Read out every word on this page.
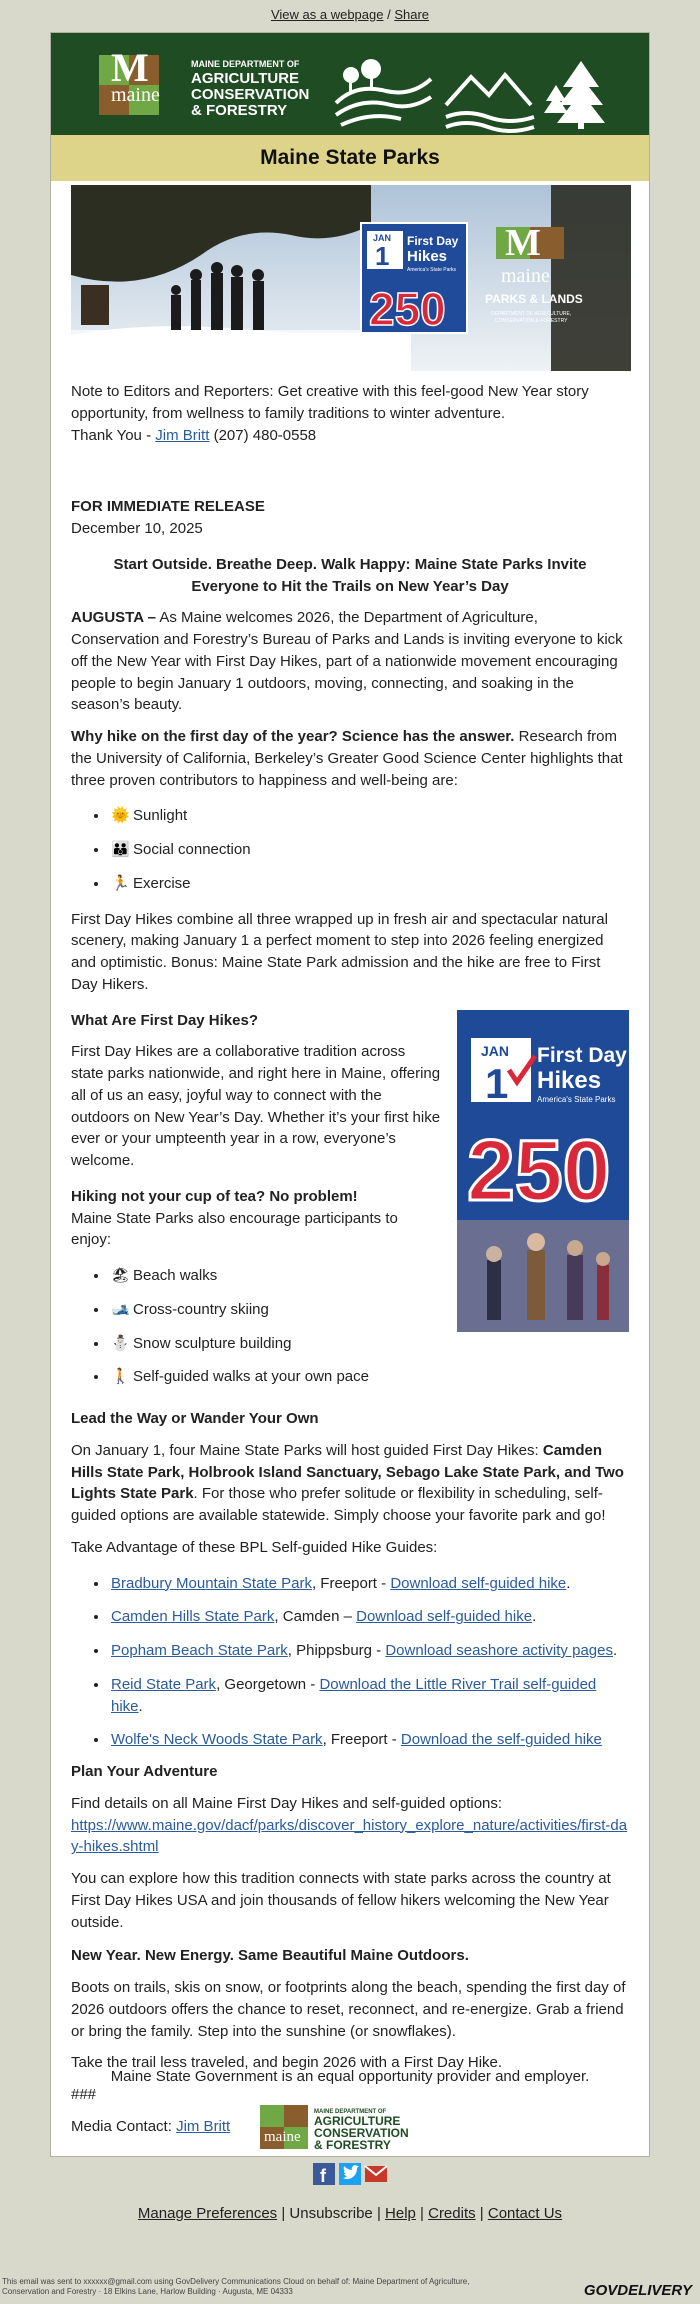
View as a webpage / Share
M
maine
MAINE DEPARTMENT OF
AGRICULTURE
CONSERVATION
& FORESTRY
Maine State Parks
JAN
1 First Day
Hikes
America's State Parks
250
M
maine
PARKS & LANDS
DEPARTMENT OF AGRICULTURE,
CONSERVATION & FORESTRY

Note to Editors and Reporters: Get creative with this feel-good New Year story opportunity, from wellness to family traditions to winter adventure.

Thank You - Jim Britt (207) 480-0558

FOR IMMEDIATE RELEASE

December 10, 2025

Start Outside. Breathe Deep. Walk Happy: Maine State Parks Invite Everyone to Hit the Trails on New Year’s Day

AUGUSTA – As Maine welcomes 2026, the Department of Agriculture, Conservation and Forestry’s Bureau of Parks and Lands is inviting everyone to kick off the New Year with First Day Hikes, part of a nationwide movement encouraging people to begin January 1 outdoors, moving, connecting, and soaking in the season’s beauty.

Why hike on the first day of the year? Science has the answer. Research from the University of California, Berkeley’s Greater Good Science Center highlights that three proven contributors to happiness and well-being are:

• 🌞 Sunlight
• 👪 Social connection
• 🏃 Exercise

First Day Hikes combine all three wrapped up in fresh air and spectacular natural scenery, making January 1 a perfect moment to step into 2026 feeling energized and optimistic. Bonus: Maine State Park admission and the hike are free to First Day Hikers.

JAN
1
First Day
Hikes
America's State Parks
250
What Are First Day Hikes?

First Day Hikes are a collaborative tradition across state parks nationwide, and right here in Maine, offering all of us an easy, joyful way to connect with the outdoors on New Year’s Day. Whether it’s your first hike ever or your umpteenth year in a row, everyone’s welcome.

Hiking not your cup of tea? No problem!

Maine State Parks also encourage participants to enjoy:

• 🏖 Beach walks
• 🎿 Cross-country skiing
• ⛄ Snow sculpture building
• 🚶 Self-guided walks at your own pace
Lead the Way or Wander Your Own

On January 1, four Maine State Parks will host guided First Day Hikes: Camden Hills State Park, Holbrook Island Sanctuary, Sebago Lake State Park, and Two Lights State Park. For those who prefer solitude or flexibility in scheduling, self-guided options are available statewide. Simply choose your favorite park and go!

Take Advantage of these BPL Self-guided Hike Guides:

• Bradbury Mountain State Park, Freeport - Download self-guided hike.
• Camden Hills State Park, Camden – Download self-guided hike.
• Popham Beach State Park, Phippsburg - Download seashore activity pages.
• Reid State Park, Georgetown - Download the Little River Trail self-guided hike.
• Wolfe's Neck Woods State Park, Freeport - Download the self-guided hike
Plan Your Adventure

Find details on all Maine First Day Hikes and self-guided options:

https://www.maine.gov/dacf/parks/discover_history_explore_nature/activities/first-day-hikes.shtml

You can explore how this tradition connects with state parks across the country at First Day Hikes USA and join thousands of fellow hikers welcoming the New Year outside.

New Year. New Energy. Same Beautiful Maine Outdoors.

Boots on trails, skis on snow, or footprints along the beach, spending the first day of 2026 outdoors offers the chance to reset, reconnect, and re-energize. Grab a friend or bring the family. Step into the sunshine (or snowflakes).

Take the trail less traveled, and begin 2026 with a First Day Hike.

###

Media Contact: Jim Britt

Maine State Government is an equal opportunity provider and employer.

maine
MAINE DEPARTMENT OF
AGRICULTURE
CONSERVATION
& FORESTRY
f
Manage Preferences | Unsubscribe | Help | Credits | Contact Us

This email was sent to xxxxxx@gmail.com using GovDelivery Communications Cloud on behalf of: Maine Department of Agriculture,

Conservation and Forestry · 18 Elkins Lane, Harlow Building · Augusta, ME 04333	GOVDELIVERY
